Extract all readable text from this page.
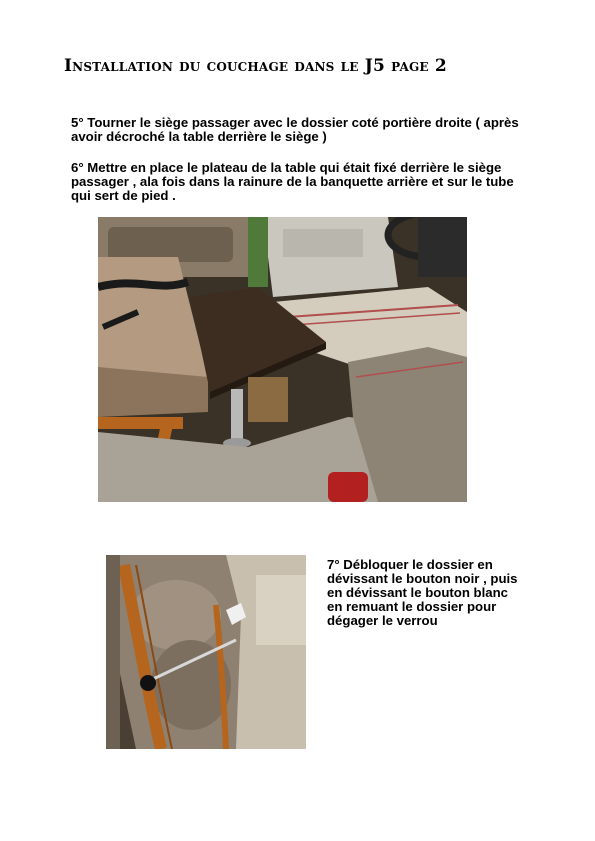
Installation du couchage dans le J5 page 2
5° Tourner le siège passager avec le dossier coté portière droite ( après avoir décroché la table derrière le siège )
6° Mettre en place le plateau de la table qui était fixé derrière le siège passager , ala fois dans la rainure de la banquette arrière et sur le tube qui sert de pied .
7° Débloquer le dossier en dévissant le bouton noir , puis en dévissant le bouton blanc en remuant le dossier pour dégager le verrou
